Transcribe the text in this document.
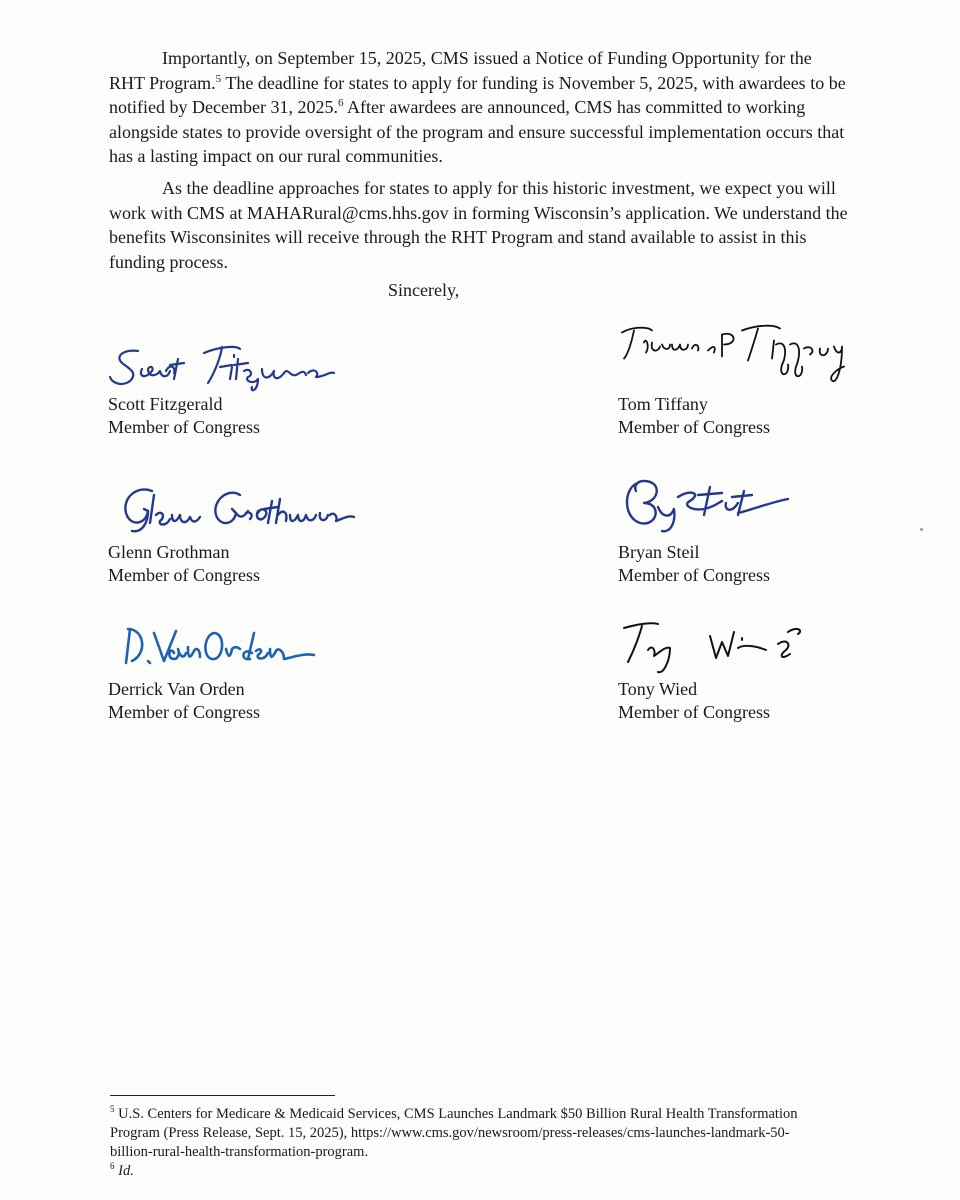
Importantly, on September 15, 2025, CMS issued a Notice of Funding Opportunity for the RHT Program.$^5$ The deadline for states to apply for funding is November 5, 2025, with awardees to be notified by December 31, 2025.$^6$ After awardees are announced, CMS has committed to working alongside states to provide oversight of the program and ensure successful implementation occurs that has a lasting impact on our rural communities.

As the deadline approaches for states to apply for this historic investment, we expect you will work with CMS at MAHARural@cms.hhs.gov in forming Wisconsin’s application. We understand the benefits Wisconsinites will receive through the RHT Program and stand available to assist in this funding process.

Sincerely,
Scott Fitzgerald
Member of Congress
Tom Tiffany
Member of Congress
Glenn Grothman
Member of Congress
Bryan Steil
Member of Congress
Derrick Van Orden
Member of Congress
Tony Wied
Member of Congress

$^5$ U.S. Centers for Medicare & Medicaid Services, CMS Launches Landmark $50 Billion Rural Health Transformation Program (Press Release, Sept. 15, 2025), https://www.cms.gov/newsroom/press-releases/cms-launches-landmark-50-billion-rural-health-transformation-program.

$^6$ Id.
